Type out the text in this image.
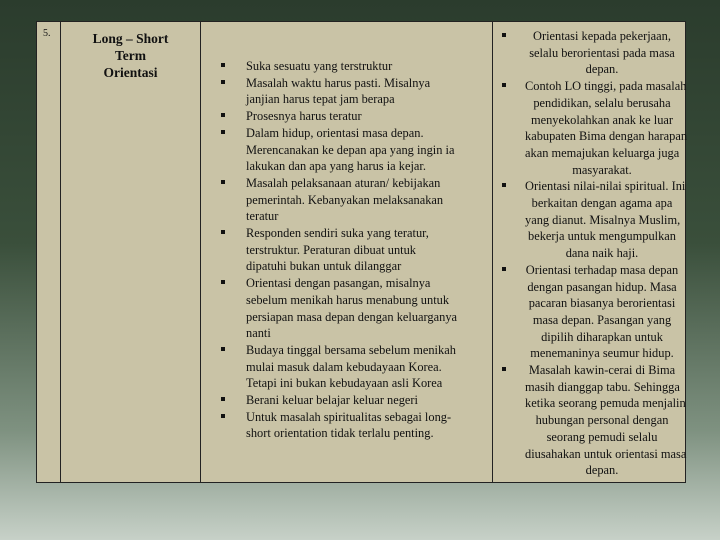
5.	Long – Short
Term
Orientasi	Suka sesuatu yang terstruktur
Masalah waktu harus pasti. Misalnya
janjian harus tepat jam berapa
Prosesnya harus teratur
Dalam hidup, orientasi masa depan.
Merencanakan ke depan apa yang ingin ia
lakukan dan apa yang harus ia kejar.
Masalah pelaksanaan aturan/ kebijakan
pemerintah. Kebanyakan melaksanakan
teratur
Responden sendiri suka yang teratur,
terstruktur. Peraturan dibuat untuk
dipatuhi bukan untuk dilanggar
Orientasi dengan pasangan, misalnya
sebelum menikah harus menabung untuk
persiapan masa depan dengan keluarganya
nanti
Budaya tinggal bersama sebelum menikah
mulai masuk dalam kebudayaan Korea.
Tetapi ini bukan kebudayaan asli Korea
Berani keluar belajar keluar negeri
Untuk masalah spiritualitas sebagai long-
short orientation tidak terlalu penting.
Orientasi kepada pekerjaan,
selalu berorientasi pada masa
depan.
Contoh LO tinggi, pada masalah
pendidikan, selalu berusaha
menyekolahkan anak ke luar
kabupaten Bima dengan harapan
akan memajukan keluarga juga
masyarakat.
Orientasi nilai-nilai spiritual. Ini
berkaitan dengan agama apa
yang dianut. Misalnya Muslim,
bekerja untuk mengumpulkan
dana naik haji.
Orientasi terhadap masa depan
dengan pasangan hidup. Masa
pacaran biasanya berorientasi
masa depan. Pasangan yang
dipilih diharapkan untuk
menemaninya seumur hidup.
Masalah kawin-cerai di Bima
masih dianggap tabu. Sehingga
ketika seorang pemuda menjalin
hubungan personal dengan
seorang pemudi selalu
diusahakan untuk orientasi masa
depan.
